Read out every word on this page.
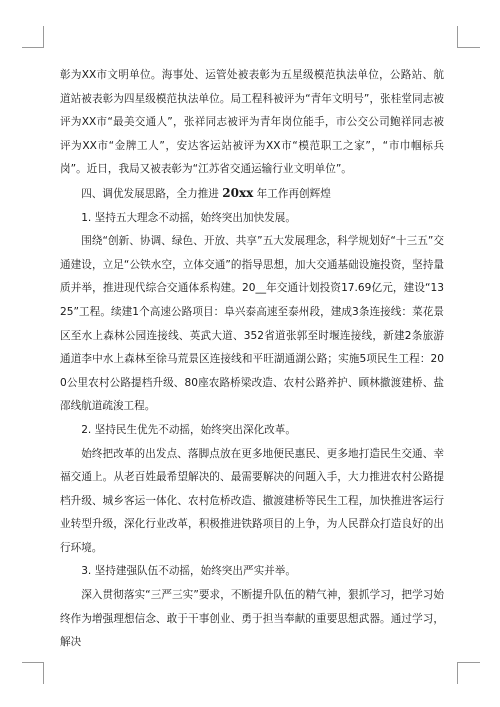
彰为XX市文明单位。海事处、运管处被表彰为五星级模范执法单位，公路站、航道站被表彰为四星级模范执法单位。局工程科被评为“青年文明号”，张桂堂同志被评为XX市“最美交通人”，张祥同志被评为青年岗位能手，市公交公司鲍祥同志被评为XX市“金牌工人”，安达客运站被评为XX市“模范职工之家”，“市巾帼标兵岗”。近日，我局又被表彰为“江苏省交通运输行业文明单位”。

四、调优发展思路，全力推进 20xx 年工作再创辉煌

1. 坚持五大理念不动摇，始终突出加快发展。

围绕“创新、协调、绿色、开放、共享”五大发展理念，科学规划好“十三五”交通建设，立足“公铁水空，立体交通”的指导思想，加大交通基础设施投资，坚持量质并举，推进现代综合交通体系构建。20__年交通计划投资17.69亿元，建设“1325”工程。续建1个高速公路项目：阜兴泰高速至泰州段，建成3条连接线：菜花景区至水上森林公园连接线、英武大道、352省道张郭至时堰连接线，新建2条旅游通道李中水上森林至徐马荒景区连接线和平旺湖通湖公路；实施5项民生工程：200公里农村公路提档升级、80座农路桥梁改造、农村公路养护、顾林撤渡建桥、盐邵线航道疏浚工程。

2. 坚持民生优先不动摇，始终突出深化改革。

始终把改革的出发点、落脚点放在更多地便民惠民、更多地打造民生交通、幸福交通上。从老百姓最希望解决的、最需要解决的问题入手，大力推进农村公路提档升级、城乡客运一体化、农村危桥改造、撤渡建桥等民生工程，加快推进客运行业转型升级，深化行业改革，积极推进铁路项目的上争，为人民群众打造良好的出行环境。

3. 坚持建强队伍不动摇，始终突出严实并举。

深入贯彻落实“三严三实”要求，不断提升队伍的精气神，狠抓学习，把学习始终作为增强理想信念、敢于干事创业、勇于担当奉献的重要思想武器。通过学习，解决
